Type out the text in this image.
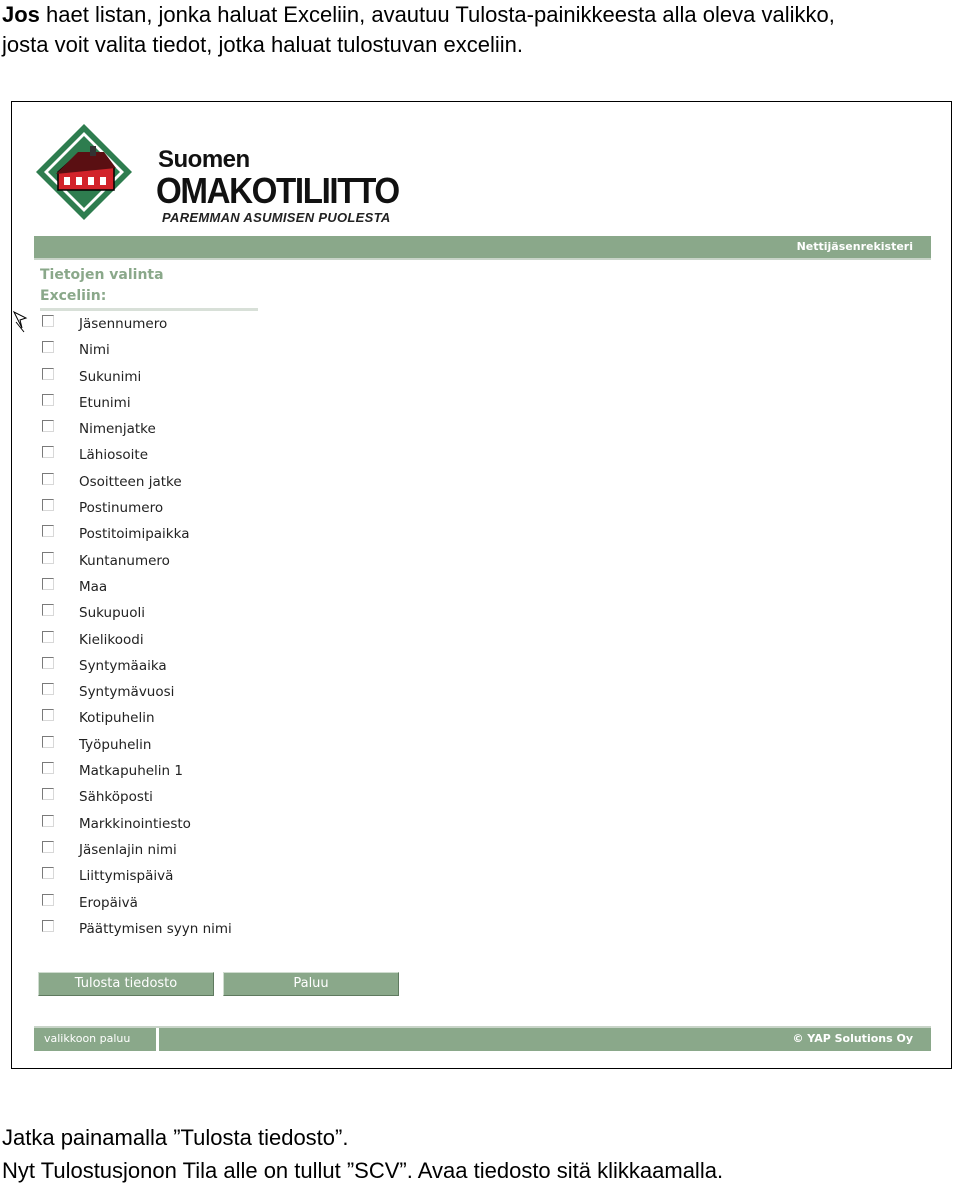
Jos haet listan, jonka haluat Exceliin, avautuu Tulosta-painikkeesta alla oleva valikko,
josta voit valita tiedot, jotka haluat tulostuvan exceliin.
Suomen
OMAKOTILIITTO
PAREMMAN ASUMISEN PUOLESTA
Nettijäsenrekisteri
Tietojen valinta
Exceliin:
Jäsennumero
Nimi
Sukunimi
Etunimi
Nimenjatke
Lähiosoite
Osoitteen jatke
Postinumero
Postitoimipaikka
Kuntanumero
Maa
Sukupuoli
Kielikoodi
Syntymäaika
Syntymävuosi
Kotipuhelin
Työpuhelin
Matkapuhelin 1
Sähköposti
Markkinointiesto
Jäsenlajin nimi
Liittymispäivä
Eropäivä
Päättymisen syyn nimi
Tulosta tiedosto	Paluu
valikkoon paluu	© YAP Solutions Oy
Jatka painamalla ”Tulosta tiedosto”.
Nyt Tulostusjonon Tila alle on tullut ”SCV”. Avaa tiedosto sitä klikkaamalla.
